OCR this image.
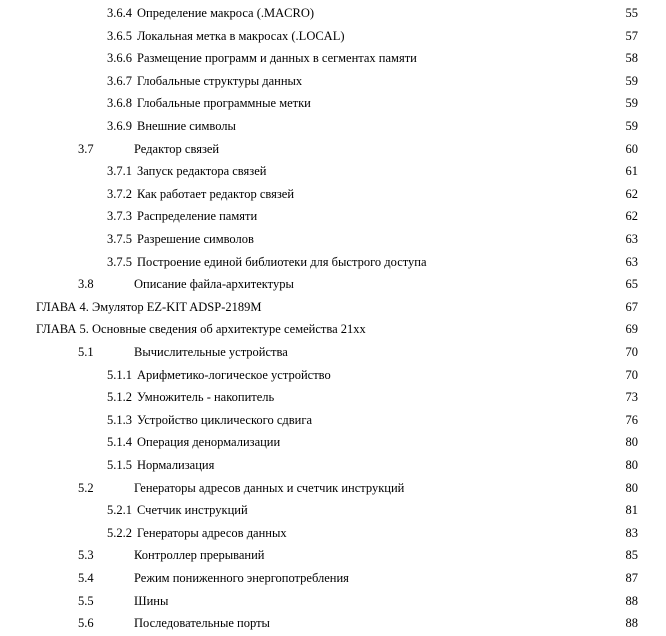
3.6.4 Определение макроса (.MACRO)	55
3.6.5 Локальная метка в макросах (.LOCAL)	57
3.6.6 Размещение программ и данных в сегментах памяти	58
3.6.7 Глобальные структуры данных	59
3.6.8 Глобальные программные метки	59
3.6.9 Внешние символы	59
3.7	Редактор связей	60
3.7.1 Запуск редактора связей	61
3.7.2 Как работает редактор связей	62
3.7.3 Распределение памяти	62
3.7.5 Разрешение символов	63
3.7.5 Построение единой библиотеки для быстрого доступа	63
3.8	Описание файла-архитектуры	65
ГЛАВА 4. Эмулятор EZ-KIT ADSP-2189M	67
ГЛАВА 5. Основные сведения об архитектуре семейства 21хх	69
5.1	Вычислительные устройства	70
5.1.1 Арифметико-логическое устройство	70
5.1.2 Умножитель - накопитель	73
5.1.3 Устройство циклического сдвига	76
5.1.4 Операция денормализации	80
5.1.5 Нормализация	80
5.2	Генераторы адресов данных и счетчик инструкций	80
5.2.1 Счетчик инструкций	81
5.2.2 Генераторы адресов данных	83
5.3	Контроллер прерываний	85
5.4	Режим пониженного энергопотребления	87
5.5	Шины	88
5.6	Последовательные порты	88
